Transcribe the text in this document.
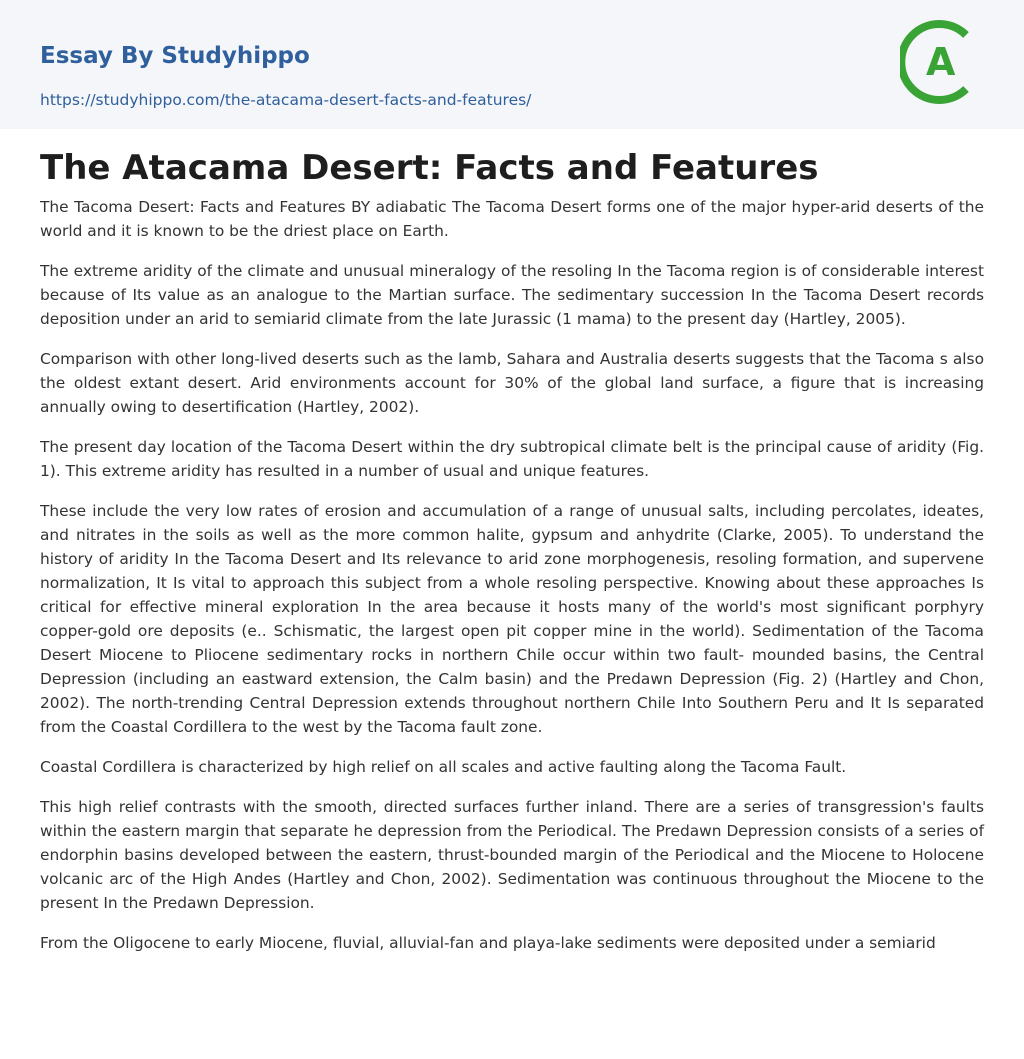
Essay By Studyhippo
https://studyhippo.com/the-atacama-desert-facts-and-features/
A
The Atacama Desert: Facts and Features

The Tacoma Desert: Facts and Features BY adiabatic The Tacoma Desert forms one of the major hyper-arid deserts of the world and it is known to be the driest place on Earth.

The extreme aridity of the climate and unusual mineralogy of the resoling In the Tacoma region is of considerable interest because of Its value as an analogue to the Martian surface. The sedimentary succession In the Tacoma Desert records deposition under an arid to semiarid climate from the late Jurassic (1 mama) to the present day (Hartley, 2005).

Comparison with other long-lived deserts such as the lamb, Sahara and Australia deserts suggests that the Tacoma s also the oldest extant desert. Arid environments account for 30% of the global land surface, a figure that is increasing annually owing to desertification (Hartley, 2002).

The present day location of the Tacoma Desert within the dry subtropical climate belt is the principal cause of aridity (Fig. 1). This extreme aridity has resulted in a number of usual and unique features.

These include the very low rates of erosion and accumulation of a range of unusual salts, including percolates, ideates, and nitrates in the soils as well as the more common halite, gypsum and anhydrite (Clarke, 2005). To understand the history of aridity In the Tacoma Desert and Its relevance to arid zone morphogenesis, resoling formation, and supervene normalization, It Is vital to approach this subject from a whole resoling perspective. Knowing about these approaches Is critical for effective mineral exploration In the area because it hosts many of the world's most significant porphyry copper-gold ore deposits (e.. Schismatic, the largest open pit copper mine in the world). Sedimentation of the Tacoma Desert Miocene to Pliocene sedimentary rocks in northern Chile occur within two fault- mounded basins, the Central Depression (including an eastward extension, the Calm basin) and the Predawn Depression (Fig. 2) (Hartley and Chon, 2002). The north-trending Central Depression extends throughout northern Chile Into Southern Peru and It Is separated from the Coastal Cordillera to the west by the Tacoma fault zone.

Coastal Cordillera is characterized by high relief on all scales and active faulting along the Tacoma Fault.

This high relief contrasts with the smooth, directed surfaces further inland. There are a series of transgression's faults within the eastern margin that separate he depression from the Periodical. The Predawn Depression consists of a series of endorphin basins developed between the eastern, thrust-bounded margin of the Periodical and the Miocene to Holocene volcanic arc of the High Andes (Hartley and Chon, 2002). Sedimentation was continuous throughout the Miocene to the present In the Predawn Depression.

From the Oligocene to early Miocene, fluvial, alluvial-fan and playa-lake sediments were deposited under a semiarid
